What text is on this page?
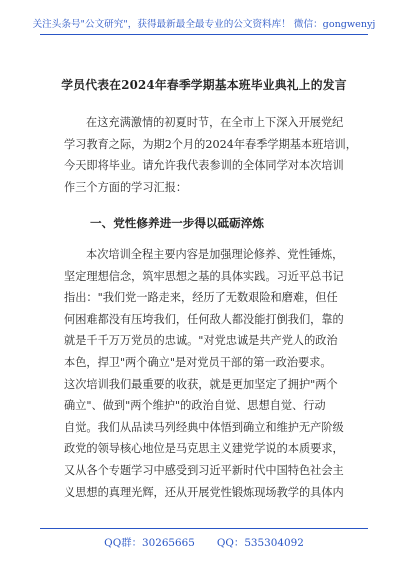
关注头条号"公文研究"，获得最新最全最专业的公文资料库！ 微信：gongwenyj
学员代表在2024年春季学期基本班毕业典礼上的发言
在这充满激情的初夏时节，在全市上下深入开展党纪
学习教育之际，为期2个月的2024年春季学期基本班培训，
今天即将毕业。请允许我代表参训的全体同学对本次培训
作三个方面的学习汇报：
一、党性修养进一步得以砥砺淬炼
本次培训全程主要内容是加强理论修养、党性锤炼，
坚定理想信念，筑牢思想之基的具体实践。习近平总书记
指出："我们党一路走来，经历了无数艰险和磨难，但任
何困难都没有压垮我们，任何敌人都没能打倒我们，靠的
就是千千万万党员的忠诚。"对党忠诚是共产党人的政治
本色，捍卫"两个确立"是对党员干部的第一政治要求。
这次培训我们最重要的收获，就是更加坚定了拥护"两个
确立"、做到"两个维护"的政治自觉、思想自觉、行动
自觉。我们从品读马列经典中体悟到确立和维护无产阶级
政党的领导核心地位是马克思主义建党学说的本质要求，
又从各个专题学习中感受到习近平新时代中国特色社会主
义思想的真理光辉，还从开展党性锻炼现场教学的具体内
QQ群：30265665 QQ：535304092
